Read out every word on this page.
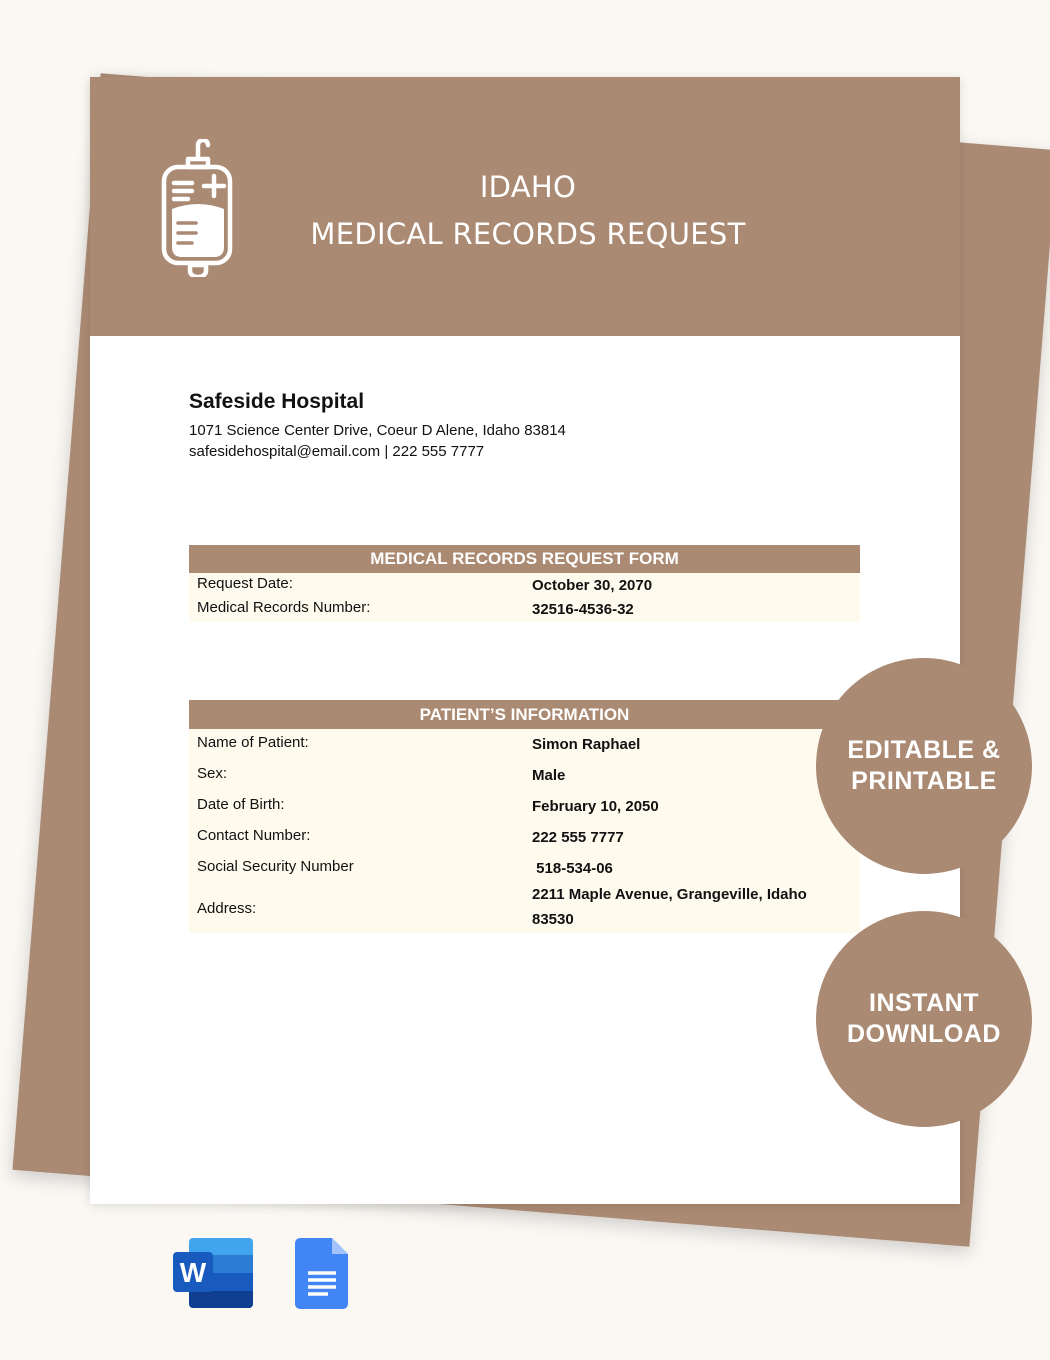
IDAHO
MEDICAL RECORDS REQUEST
Safeside Hospital
1071 Science Center Drive, Coeur D Alene, Idaho 83814
safesidehospital@email.com | 222 555 7777
MEDICAL RECORDS REQUEST FORM
Request Date:	October 30, 2070
Medical Records Number:	32516-4536-32
PATIENT’S INFORMATION
Name of Patient:	Simon Raphael
Sex:	Male
Date of Birth:	February 10, 2050
Contact Number:	222 555 7777
Social Security Number	518-534-06
Address:
2211 Maple Avenue, Grangeville, Idaho 83530
EDITABLE &
PRINTABLE
INSTANT
DOWNLOAD
W
